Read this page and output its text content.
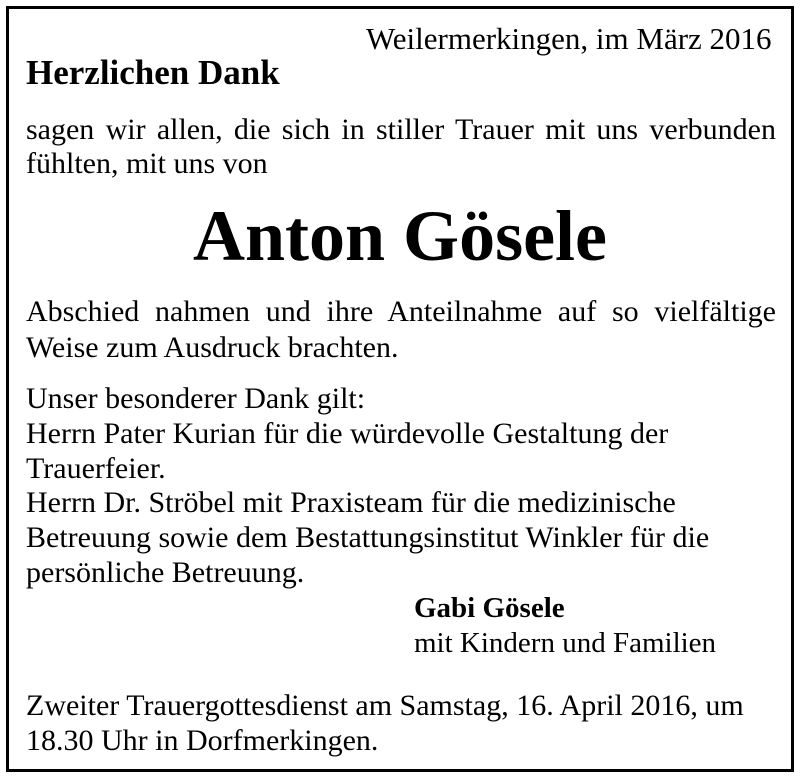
Weilermerkingen, im März 2016
Herzlichen Dank
sagen wir allen, die sich in stiller Trauer mit uns verbunden
fühlten, mit uns von
Anton Gösele
Abschied nahmen und ihre Anteilnahme auf so vielfältige
Weise zum Ausdruck brachten.
Unser besonderer Dank gilt:
Herrn Pater Kurian für die würdevolle Gestaltung der
Trauerfeier.
Herrn Dr. Ströbel mit Praxisteam für die medizinische
Betreuung sowie dem Bestattungsinstitut Winkler für die
persönliche Betreuung.
Gabi Gösele
mit Kindern und Familien
Zweiter Trauergottesdienst am Samstag, 16. April 2016, um
18.30 Uhr in Dorfmerkingen.
